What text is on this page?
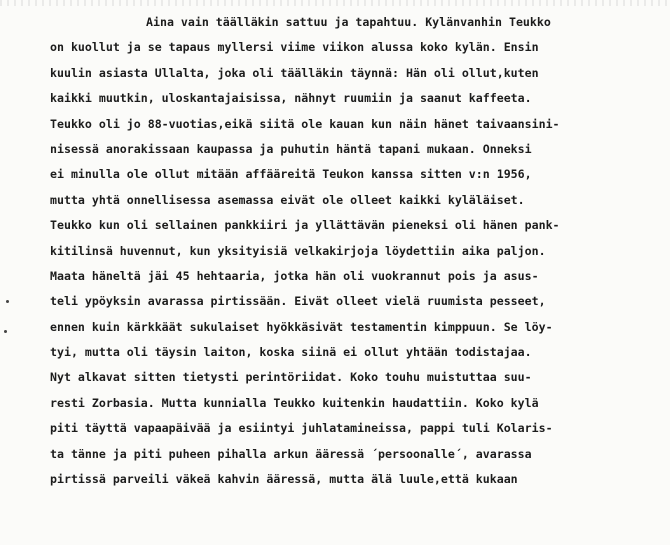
Aina vain täälläkin sattuu ja tapahtuu. Kylänvanhin Teukko
on kuollut ja se tapaus myllersi viime viikon alussa koko kylän. Ensin
kuulin asiasta Ullalta, joka oli täälläkin täynnä: Hän oli ollut,kuten
kaikki muutkin, uloskantajaisissa, nähnyt ruumiin ja saanut kaffeeta.
Teukko oli jo 88-vuotias,eikä siitä ole kauan kun näin hänet taivaansini-
nisessä anorakissaan kaupassa ja puhutin häntä tapani mukaan. Onneksi
ei minulla ole ollut mitään affääreitä Teukon kanssa sitten v:n 1956,
mutta yhtä onnellisessa asemassa eivät ole olleet kaikki kyläläiset.
Teukko kun oli sellainen pankkiiri ja yllättävän pieneksi oli hänen pank-
kitilinsä huvennut, kun yksityisiä velkakirjoja löydettiin aika paljon.
Maata häneltä jäi 45 hehtaaria, jotka hän oli vuokrannut pois ja asus-
teli ypöyksin avarassa pirtissään. Eivät olleet vielä ruumista pesseet,
ennen kuin kärkkäät sukulaiset hyökkäsivät testamentin kimppuun. Se löy-
tyi, mutta oli täysin laiton, koska siinä ei ollut yhtään todistajaa.
Nyt alkavat sitten tietysti perintöriidat. Koko touhu muistuttaa suu-
resti Zorbasia. Mutta kunnialla Teukko kuitenkin haudattiin. Koko kylä
piti täyttä vapaapäivää ja esiintyi juhlatamineissa, pappi tuli Kolaris-
ta tänne ja piti puheen pihalla arkun ääressä ´persoonalle´, avarassa
pirtissä parveili väkeä kahvin ääressä, mutta älä luule,että kukaan
